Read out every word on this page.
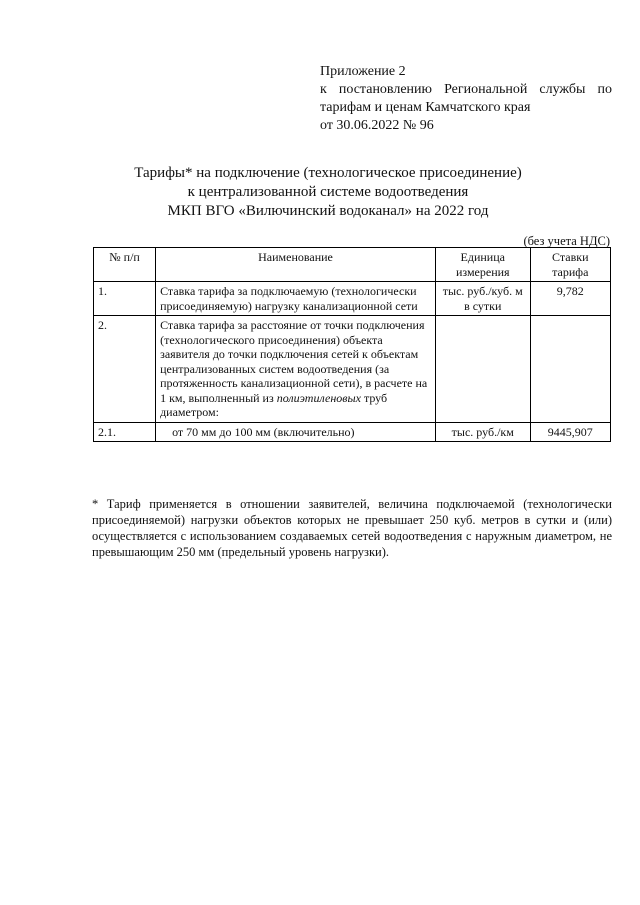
Приложение 2
к постановлению Региональной службы по
тарифам и ценам Камчатского края
от 30.06.2022 № 96
Тарифы* на подключение (технологическое присоединение)
к централизованной системе водоотведения
МКП ВГО «Вилючинский водоканал» на 2022 год
(без учета НДС)
№ п/п	Наименование	Единица измерения	Ставки тарифа
1.	Ставка тарифа за подключаемую (технологически присоединяемую) нагрузку канализационной сети	тыс. руб./куб. м в сутки	9,782
2.	Ставка тарифа за расстояние от точки подключения (технологического присоединения) объекта заявителя до точки подключения сетей к объектам централизованных систем водоотведения (за протяженность канализационной сети), в расчете на 1 км, выполненный из полиэтиленовых труб диаметром:		
2.1.	от 70 мм до 100 мм (включительно)	тыс. руб./км	9445,907
* Тариф применяется в отношении заявителей, величина подключаемой (технологически присоединяемой) нагрузки объектов которых не превышает 250 куб. метров в сутки и (или) осуществляется с использованием создаваемых сетей водоотведения с наружным диаметром, не превышающим 250 мм (предельный уровень нагрузки).
